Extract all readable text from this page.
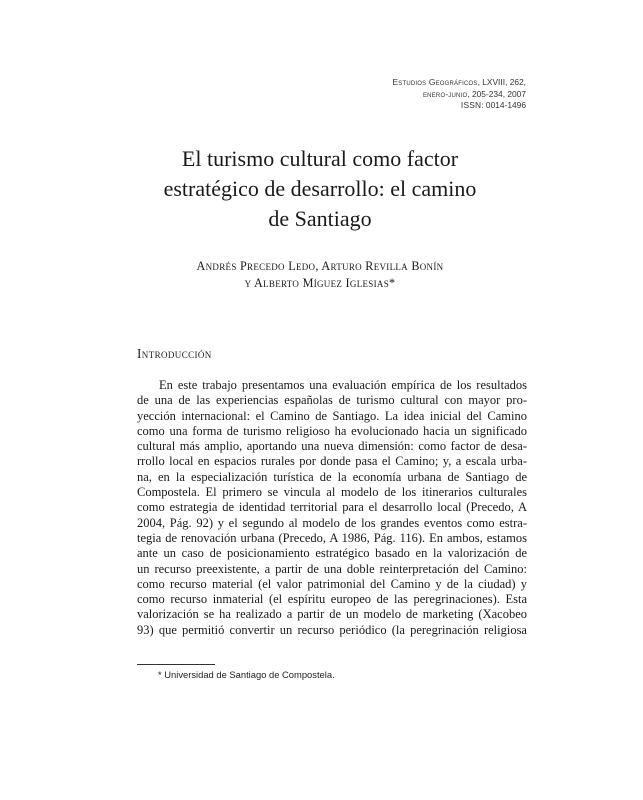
Estudios Geográficos, LXVIII, 262,
enero-junio, 205-234, 2007
ISSN: 0014-1496
El turismo cultural como factor
estratégico de desarrollo: el camino
de Santiago
Andrés Precedo Ledo, Arturo Revilla Bonín
y Alberto Míguez Iglesias*
Introducción
En este trabajo presentamos una evaluación empírica de los resultados
de una de las experiencias españolas de turismo cultural con mayor pro-
yección internacional: el Camino de Santiago. La idea inicial del Camino
como una forma de turismo religioso ha evolucionado hacia un significado
cultural más amplio, aportando una nueva dimensión: como factor de desa-
rrollo local en espacios rurales por donde pasa el Camino; y, a escala urba-
na, en la especialización turística de la economía urbana de Santiago de
Compostela. El primero se vincula al modelo de los itinerarios culturales
como estrategia de identidad territorial para el desarrollo local (Precedo, A
2004, Pág. 92) y el segundo al modelo de los grandes eventos como estra-
tegia de renovación urbana (Precedo, A 1986, Pág. 116). En ambos, estamos
ante un caso de posicionamiento estratégico basado en la valorización de
un recurso preexistente, a partir de una doble reinterpretación del Camino:
como recurso material (el valor patrimonial del Camino y de la ciudad) y
como recurso inmaterial (el espíritu europeo de las peregrinaciones). Esta
valorización se ha realizado a partir de un modelo de marketing (Xacobeo
93) que permitió convertir un recurso periódico (la peregrinación religiosa
* Universidad de Santiago de Compostela.
